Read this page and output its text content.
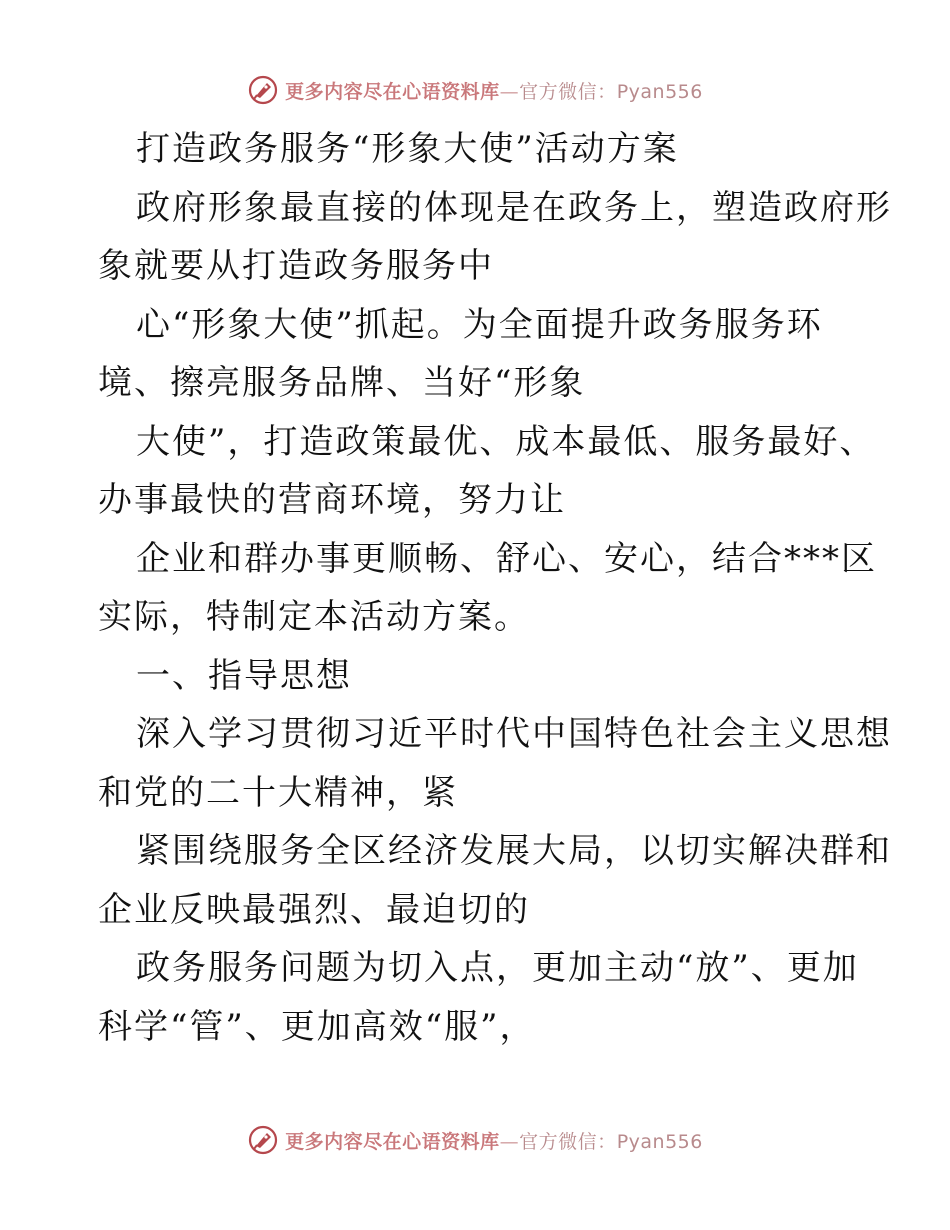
更多内容尽在心语资料库—官方微信：Pyan556
打造政务服务“形象大使”活动方案
政府形象最直接的体现是在政务上，塑造政府形
象就要从打造政务服务中
心“形象大使”抓起。为全面提升政务服务环
境、擦亮服务品牌、当好“形象
大使”，打造政策最优、成本最低、服务最好、
办事最快的营商环境，努力让
企业和群办事更顺畅、舒心、安心，结合***区
实际，特制定本活动方案。
一、指导思想
深入学习贯彻习近平时代中国特色社会主义思想
和党的二十大精神，紧
紧围绕服务全区经济发展大局，以切实解决群和
企业反映最强烈、最迫切的
政务服务问题为切入点，更加主动“放”、更加
科学“管”、更加高效“服”，
更多内容尽在心语资料库—官方微信：Pyan556
